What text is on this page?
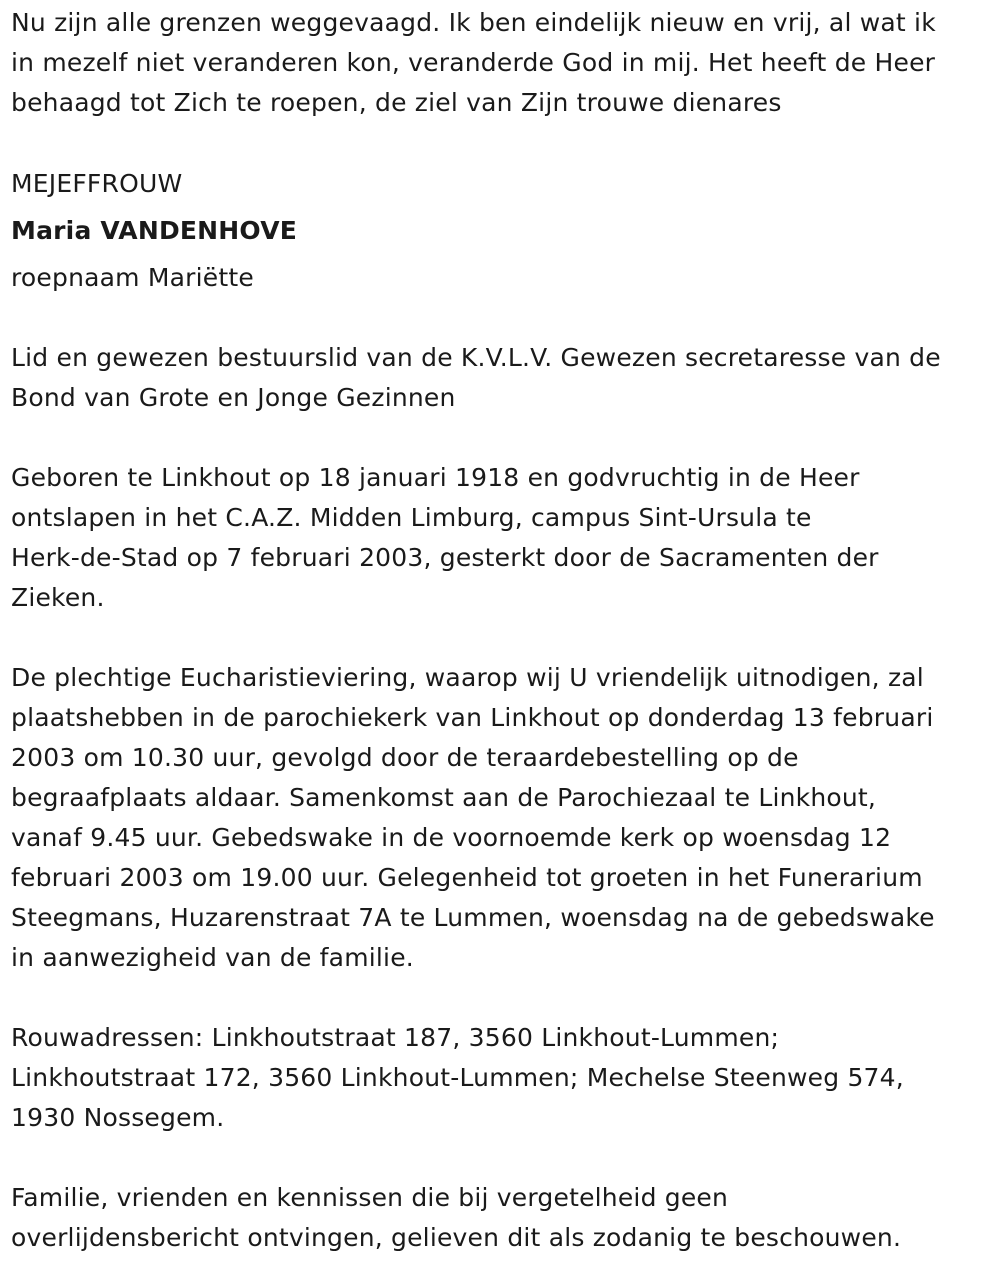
Nu zijn alle grenzen weggevaagd. Ik ben eindelijk nieuw en vrij, al wat ik
in mezelf niet veranderen kon, veranderde God in mij. Het heeft de Heer
behaagd tot Zich te roepen, de ziel van Zijn trouwe dienares
MEJEFFROUW
Maria VANDENHOVE
roepnaam Mariëtte
Lid en gewezen bestuurslid van de K.V.L.V. Gewezen secretaresse van de
Bond van Grote en Jonge Gezinnen
Geboren te Linkhout op 18 januari 1918 en godvruchtig in de Heer
ontslapen in het C.A.Z. Midden Limburg, campus Sint-Ursula te
Herk-de-Stad op 7 februari 2003, gesterkt door de Sacramenten der
Zieken.
De plechtige Eucharistieviering, waarop wij U vriendelijk uitnodigen, zal
plaatshebben in de parochiekerk van Linkhout op donderdag 13 februari
2003 om 10.30 uur, gevolgd door de teraardebestelling op de
begraafplaats aldaar. Samenkomst aan de Parochiezaal te Linkhout,
vanaf 9.45 uur. Gebedswake in de voornoemde kerk op woensdag 12
februari 2003 om 19.00 uur. Gelegenheid tot groeten in het Funerarium
Steegmans, Huzarenstraat 7A te Lummen, woensdag na de gebedswake
in aanwezigheid van de familie.
Rouwadressen: Linkhoutstraat 187, 3560 Linkhout-Lummen;
Linkhoutstraat 172, 3560 Linkhout-Lummen; Mechelse Steenweg 574,
1930 Nossegem.
Familie, vrienden en kennissen die bij vergetelheid geen
overlijdensbericht ontvingen, gelieven dit als zodanig te beschouwen.
